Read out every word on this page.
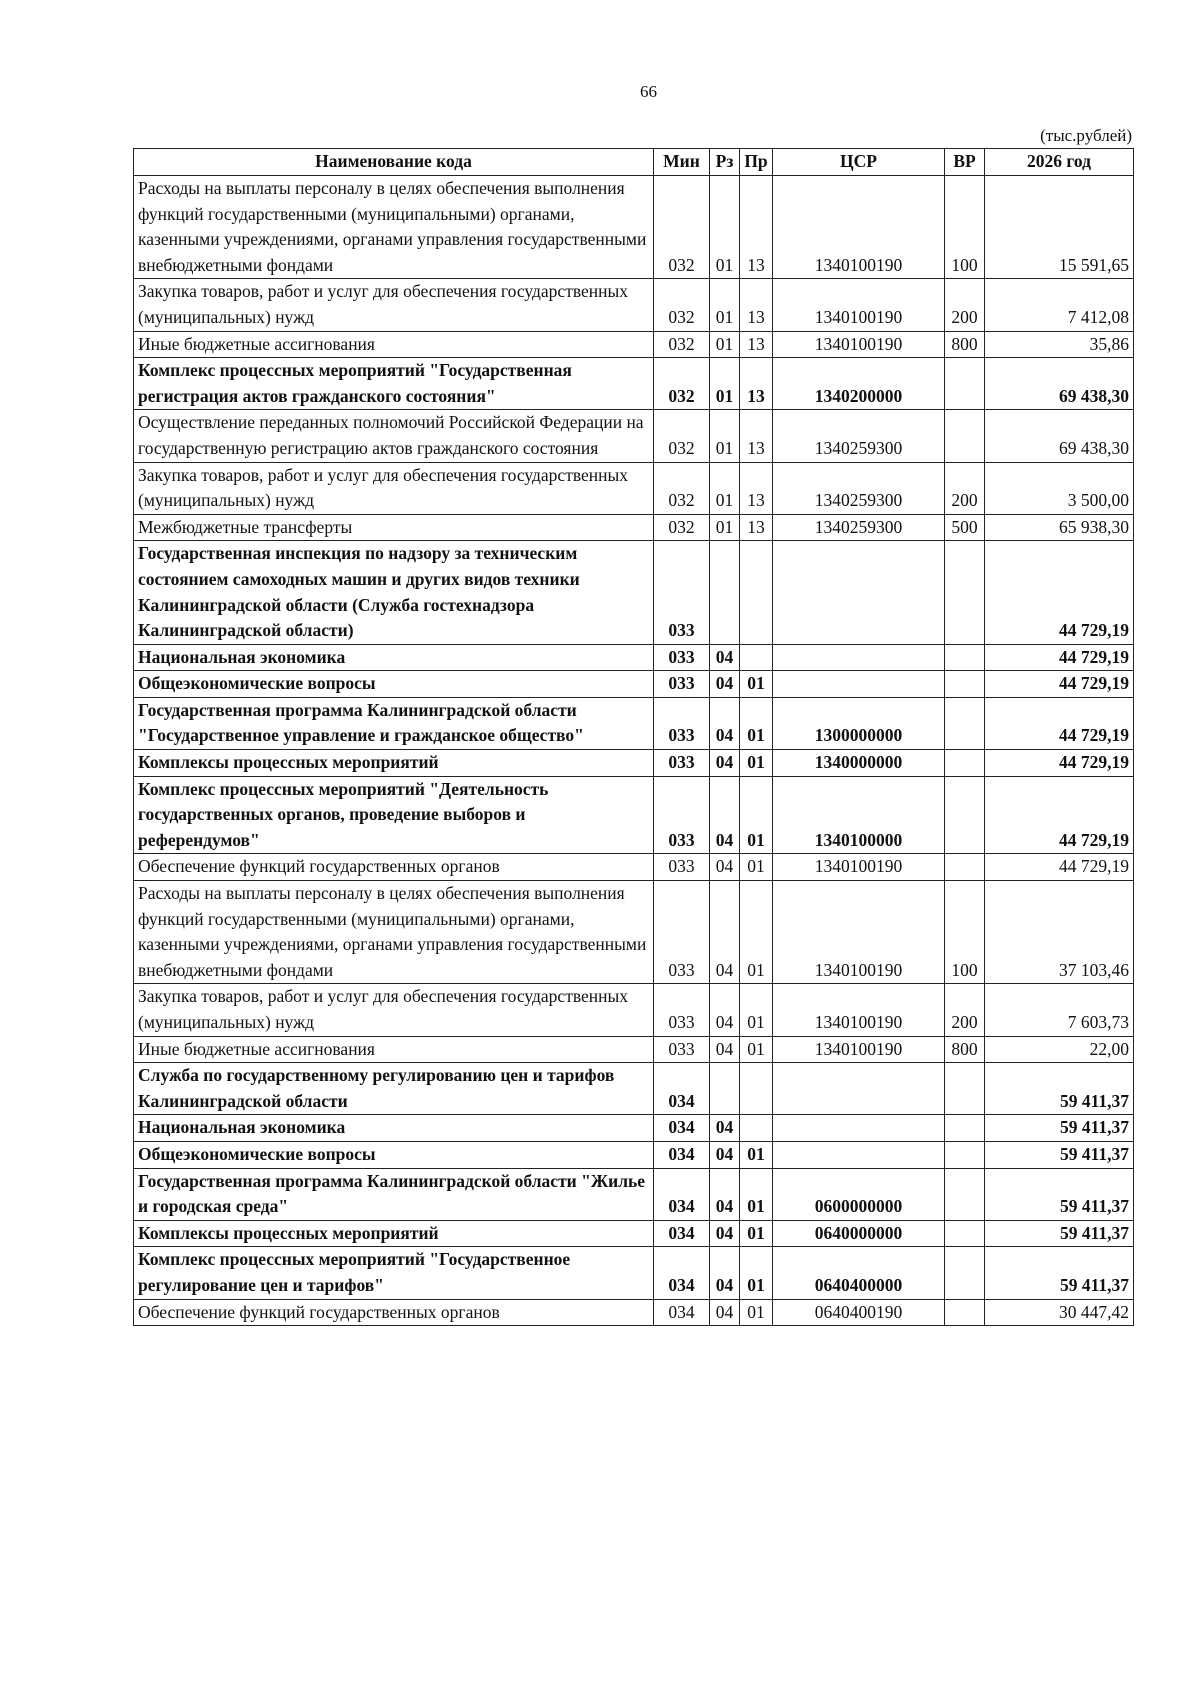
66
(тыс.рублей)
Наименование кода	Мин	Рз	Пр	ЦСР	ВР	2026 год
Расходы на выплаты персоналу в целях обеспечения выполнения функций государственными (муниципальными) органами, казенными учреждениями, органами управления государственными внебюджетными фондами	032	01	13	1340100190	100	15 591,65
Закупка товаров, работ и услуг для обеспечения государственных (муниципальных) нужд	032	01	13	1340100190	200	7 412,08
Иные бюджетные ассигнования	032	01	13	1340100190	800	35,86
Комплекс процессных мероприятий "Государственная регистрация актов гражданского состояния"	032	01	13	1340200000		69 438,30
Осуществление переданных полномочий Российской Федерации на государственную регистрацию актов гражданского состояния	032	01	13	1340259300		69 438,30
Закупка товаров, работ и услуг для обеспечения государственных (муниципальных) нужд	032	01	13	1340259300	200	3 500,00
Межбюджетные трансферты	032	01	13	1340259300	500	65 938,30
Государственная инспекция по надзору за техническим состоянием самоходных машин и других видов техники Калининградской области (Служба гостехнадзора Калининградской области)	033					44 729,19
Национальная экономика	033	04				44 729,19
Общеэкономические вопросы	033	04	01			44 729,19
Государственная программа Калининградской области "Государственное управление и гражданское общество"	033	04	01	1300000000		44 729,19
Комплексы процессных мероприятий	033	04	01	1340000000		44 729,19
Комплекс процессных мероприятий "Деятельность государственных органов, проведение выборов и референдумов"	033	04	01	1340100000		44 729,19
Обеспечение функций государственных органов	033	04	01	1340100190		44 729,19
Расходы на выплаты персоналу в целях обеспечения выполнения функций государственными (муниципальными) органами, казенными учреждениями, органами управления государственными внебюджетными фондами	033	04	01	1340100190	100	37 103,46
Закупка товаров, работ и услуг для обеспечения государственных (муниципальных) нужд	033	04	01	1340100190	200	7 603,73
Иные бюджетные ассигнования	033	04	01	1340100190	800	22,00
Служба по государственному регулированию цен и тарифов Калининградской области	034					59 411,37
Национальная экономика	034	04				59 411,37
Общеэкономические вопросы	034	04	01			59 411,37
Государственная программа Калининградской области "Жилье и городская среда"	034	04	01	0600000000		59 411,37
Комплексы процессных мероприятий	034	04	01	0640000000		59 411,37
Комплекс процессных мероприятий "Государственное регулирование цен и тарифов"	034	04	01	0640400000		59 411,37
Обеспечение функций государственных органов	034	04	01	0640400190		30 447,42
